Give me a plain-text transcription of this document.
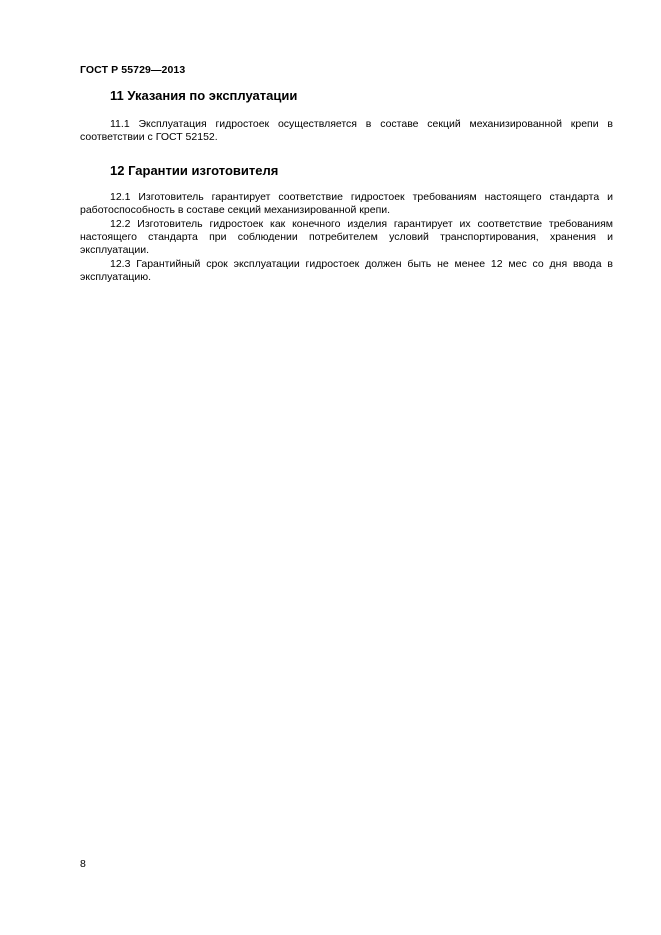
ГОСТ Р 55729—2013
11 Указания по эксплуатации

11.1 Эксплуатация гидростоек осуществляется в составе секций механизированной крепи в соответствии с ГОСТ 52152.

12 Гарантии изготовителя

12.1 Изготовитель гарантирует соответствие гидростоек требованиям настоящего стандарта и работоспособность в составе секций механизированной крепи.

12.2 Изготовитель гидростоек как конечного изделия гарантирует их соответствие требованиям настоящего стандарта при соблюдении потребителем условий транспортирования, хранения и эксплуатации.

12.3 Гарантийный срок эксплуатации гидростоек должен быть не менее 12 мес со дня ввода в эксплуатацию.

8
